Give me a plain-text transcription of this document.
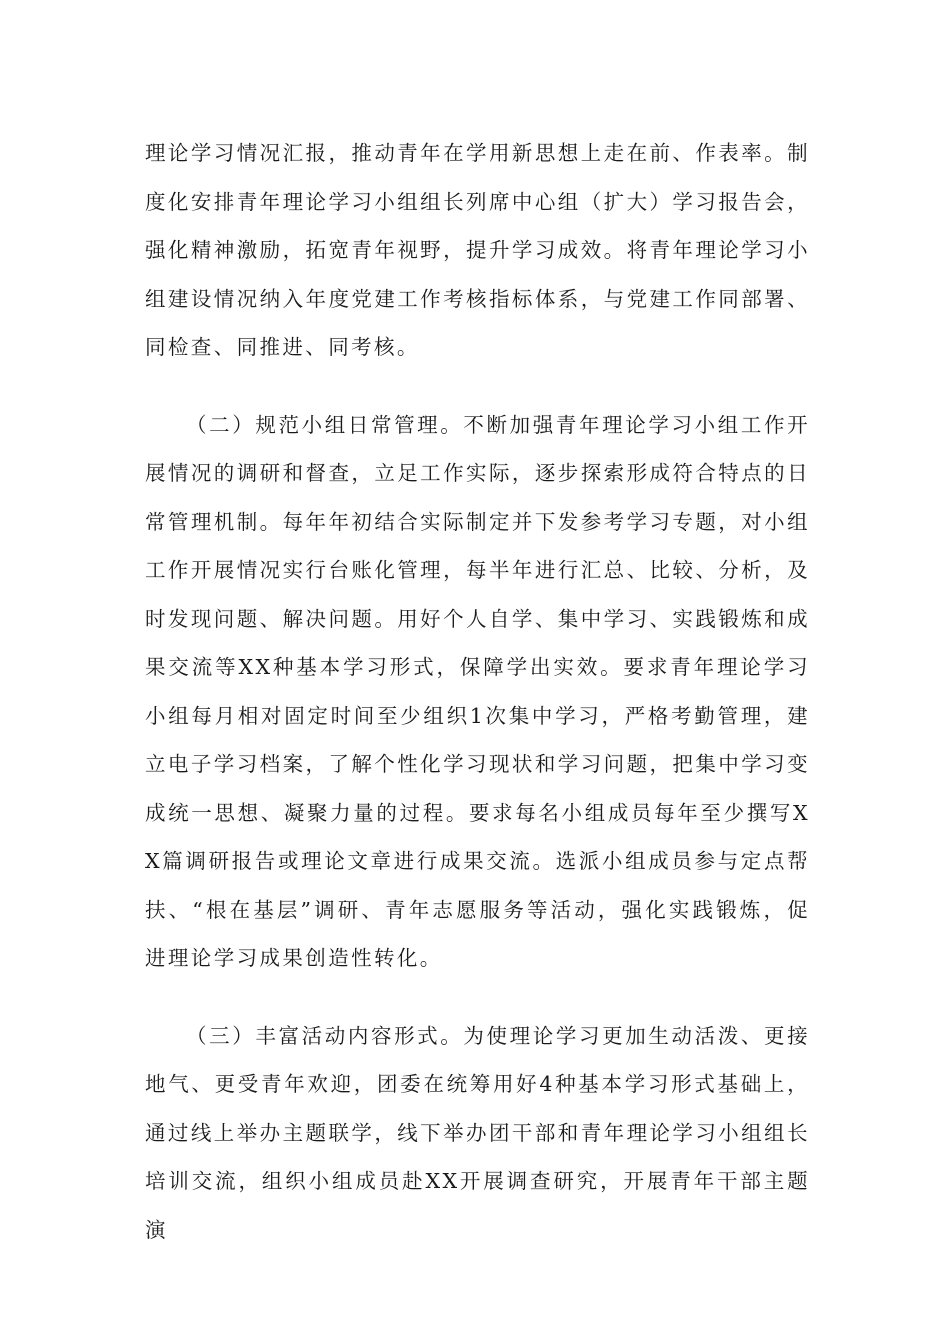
理论学习情况汇报，推动青年在学用新思想上走在前、作表率。制度化安排青年理论学习小组组长列席中心组（扩大）学习报告会，强化精神激励，拓宽青年视野，提升学习成效。将青年理论学习小组建设情况纳入年度党建工作考核指标体系，与党建工作同部署、同检查、同推进、同考核。

（二）规范小组日常管理。不断加强青年理论学习小组工作开展情况的调研和督查，立足工作实际，逐步探索形成符合特点的日常管理机制。每年年初结合实际制定并下发参考学习专题，对小组工作开展情况实行台账化管理，每半年进行汇总、比较、分析，及时发现问题、解决问题。用好个人自学、集中学习、实践锻炼和成果交流等XX种基本学习形式，保障学出实效。要求青年理论学习小组每月相对固定时间至少组织1次集中学习，严格考勤管理，建立电子学习档案，了解个性化学习现状和学习问题，把集中学习变成统一思想、凝聚力量的过程。要求每名小组成员每年至少撰写XX篇调研报告或理论文章进行成果交流。选派小组成员参与定点帮扶、“根在基层”调研、青年志愿服务等活动，强化实践锻炼，促进理论学习成果创造性转化。

（三）丰富活动内容形式。为使理论学习更加生动活泼、更接地气、更受青年欢迎，团委在统筹用好4种基本学习形式基础上，通过线上举办主题联学，线下举办团干部和青年理论学习小组组长培训交流，组织小组成员赴XX开展调查研究，开展青年干部主题演
